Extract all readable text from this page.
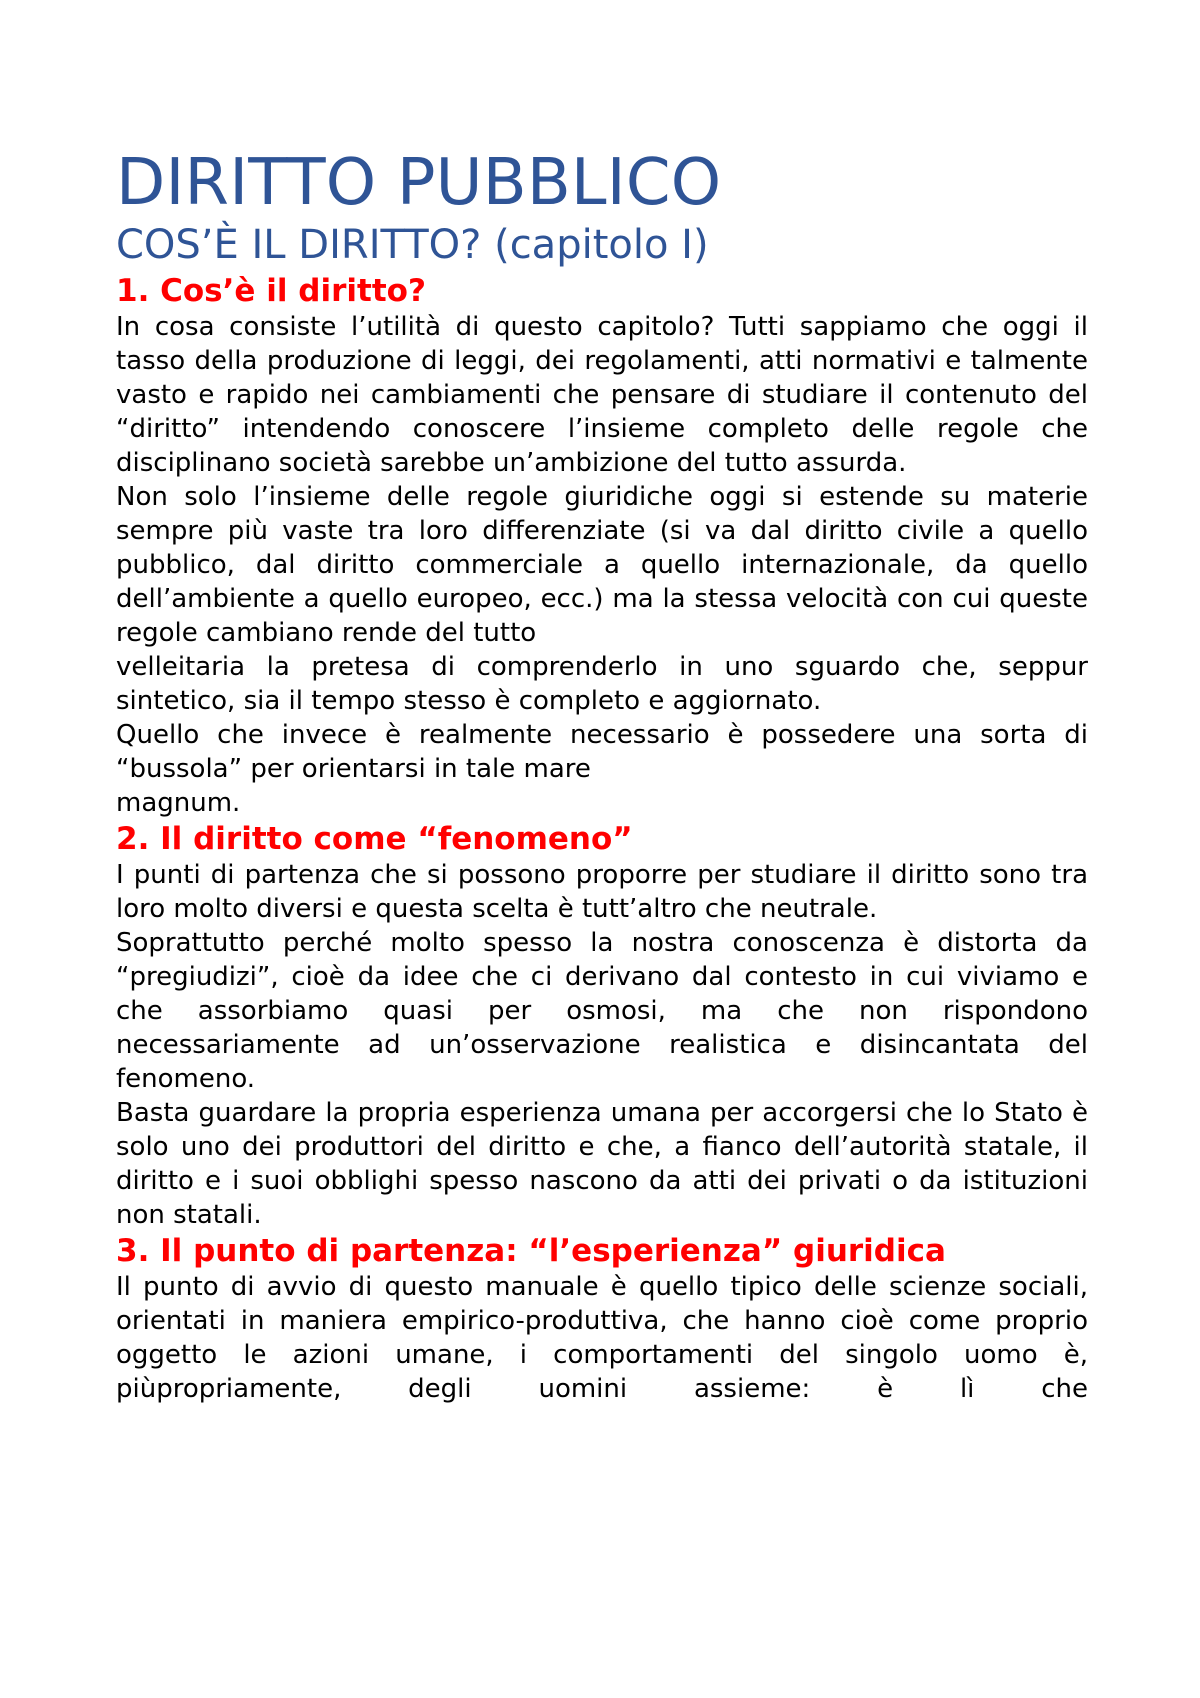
DIRITTO PUBBLICO
COS’È IL DIRITTO? (capitolo I)
1. Cos’è il diritto?

In cosa consiste l’utilità di questo capitolo? Tutti sappiamo che oggi il tasso della produzione di leggi, dei regolamenti, atti normativi e talmente vasto e rapido nei cambiamenti che pensare di studiare il contenuto del “diritto” intendendo conoscere l’insieme completo delle regole che disciplinano società sarebbe un’ambizione del tutto assurda.

Non solo l’insieme delle regole giuridiche oggi si estende su materie sempre più vaste tra loro differenziate (si va dal diritto civile a quello pubblico, dal diritto commerciale a quello internazionale, da quello dell’ambiente a quello europeo, ecc.) ma la stessa velocità con cui queste regole cambiano rende del tutto

velleitaria la pretesa di comprenderlo in uno sguardo che, seppur sintetico, sia il tempo stesso è completo e aggiornato.

Quello che invece è realmente necessario è possedere una sorta di “bussola” per orientarsi in tale mare

magnum.

2. Il diritto come “fenomeno”

I punti di partenza che si possono proporre per studiare il diritto sono tra loro molto diversi e questa scelta è tutt’altro che neutrale.

Soprattutto perché molto spesso la nostra conoscenza è distorta da “pregiudizi”, cioè da idee che ci derivano dal contesto in cui viviamo e che assorbiamo quasi per osmosi, ma che non rispondono necessariamente ad un’osservazione realistica e disincantata del fenomeno.

Basta guardare la propria esperienza umana per accorgersi che lo Stato è solo uno dei produttori del diritto e che, a fianco dell’autorità statale, il diritto e i suoi obblighi spesso nascono da atti dei privati o da istituzioni non statali.

3. Il punto di partenza: “l’esperienza” giuridica

Il punto di avvio di questo manuale è quello tipico delle scienze sociali, orientati in maniera empirico-produttiva, che hanno cioè come proprio oggetto le azioni umane, i comportamenti del singolo uomo è, piùpropriamente, degli uomini assieme: è lì che
